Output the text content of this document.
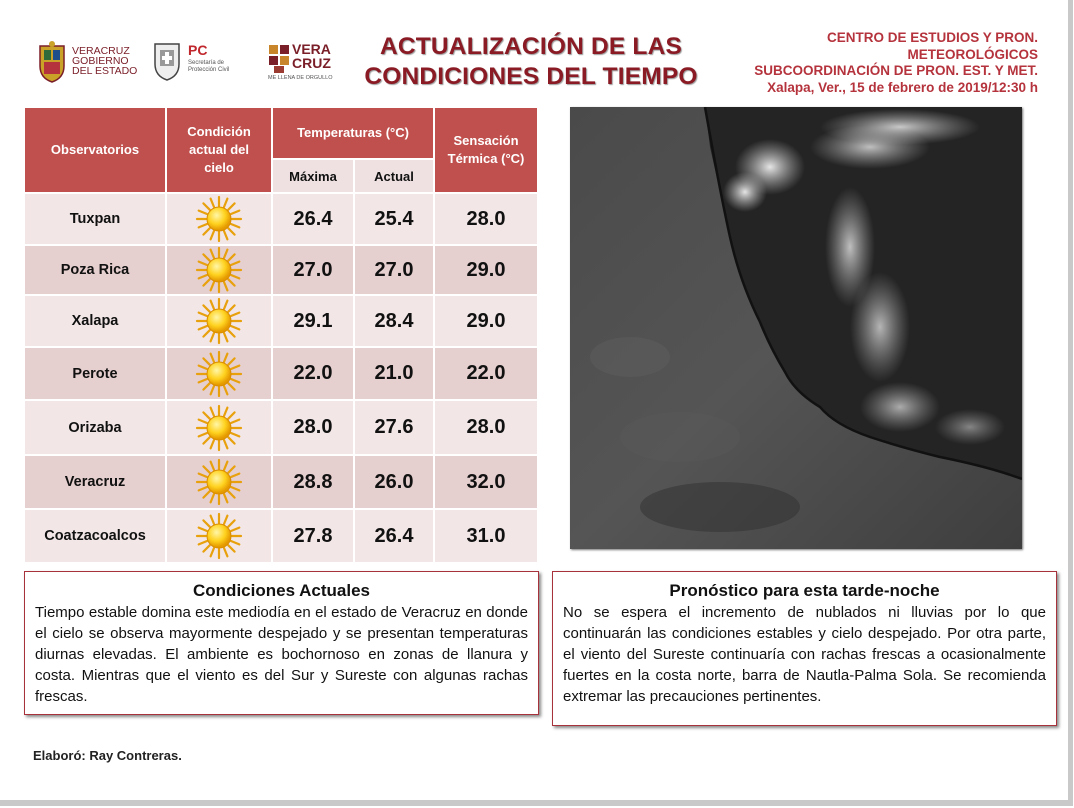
VERACRUZ
GOBIERNO
DEL ESTADO
PC
Secretaría de
Protección Civil
VERA
CRUZ
ME LLENA DE ORGULLO
ACTUALIZACIÓN DE LAS
CONDICIONES DEL TIEMPO
CENTRO DE ESTUDIOS Y PRON.
METEOROLÓGICOS
SUBCOORDINACIÓN DE PRON. EST. Y MET.
Xalapa, Ver., 15 de febrero de 2019/12:30 h
Observatorios
Condición actual del cielo
Temperaturas (°C)
Máxima	Actual
Sensación Térmica (°C)
Tuxpan	26.4	25.4	28.0
Poza Rica	27.0	27.0	29.0
Xalapa	29.1	28.4	29.0
Perote	22.0	21.0	22.0
Orizaba	28.0	27.6	28.0
Veracruz	28.8	26.0	32.0
Coatzacoalcos	27.8	26.4	31.0
Condiciones Actuales
Tiempo estable domina este mediodía en el estado de Veracruz en donde el cielo se observa mayormente despejado y se presentan temperaturas diurnas elevadas. El ambiente es bochornoso en zonas de llanura y costa. Mientras que el viento es del Sur y Sureste con algunas rachas frescas.
Pronóstico para esta tarde-noche
No se espera el incremento de nublados ni lluvias por lo que continuarán las condiciones estables y cielo despejado. Por otra parte, el viento del Sureste continuaría con rachas frescas a ocasionalmente fuertes en la costa norte, barra de Nautla-Palma Sola. Se recomienda extremar las precauciones pertinentes.
Elaboró: Ray Contreras.
